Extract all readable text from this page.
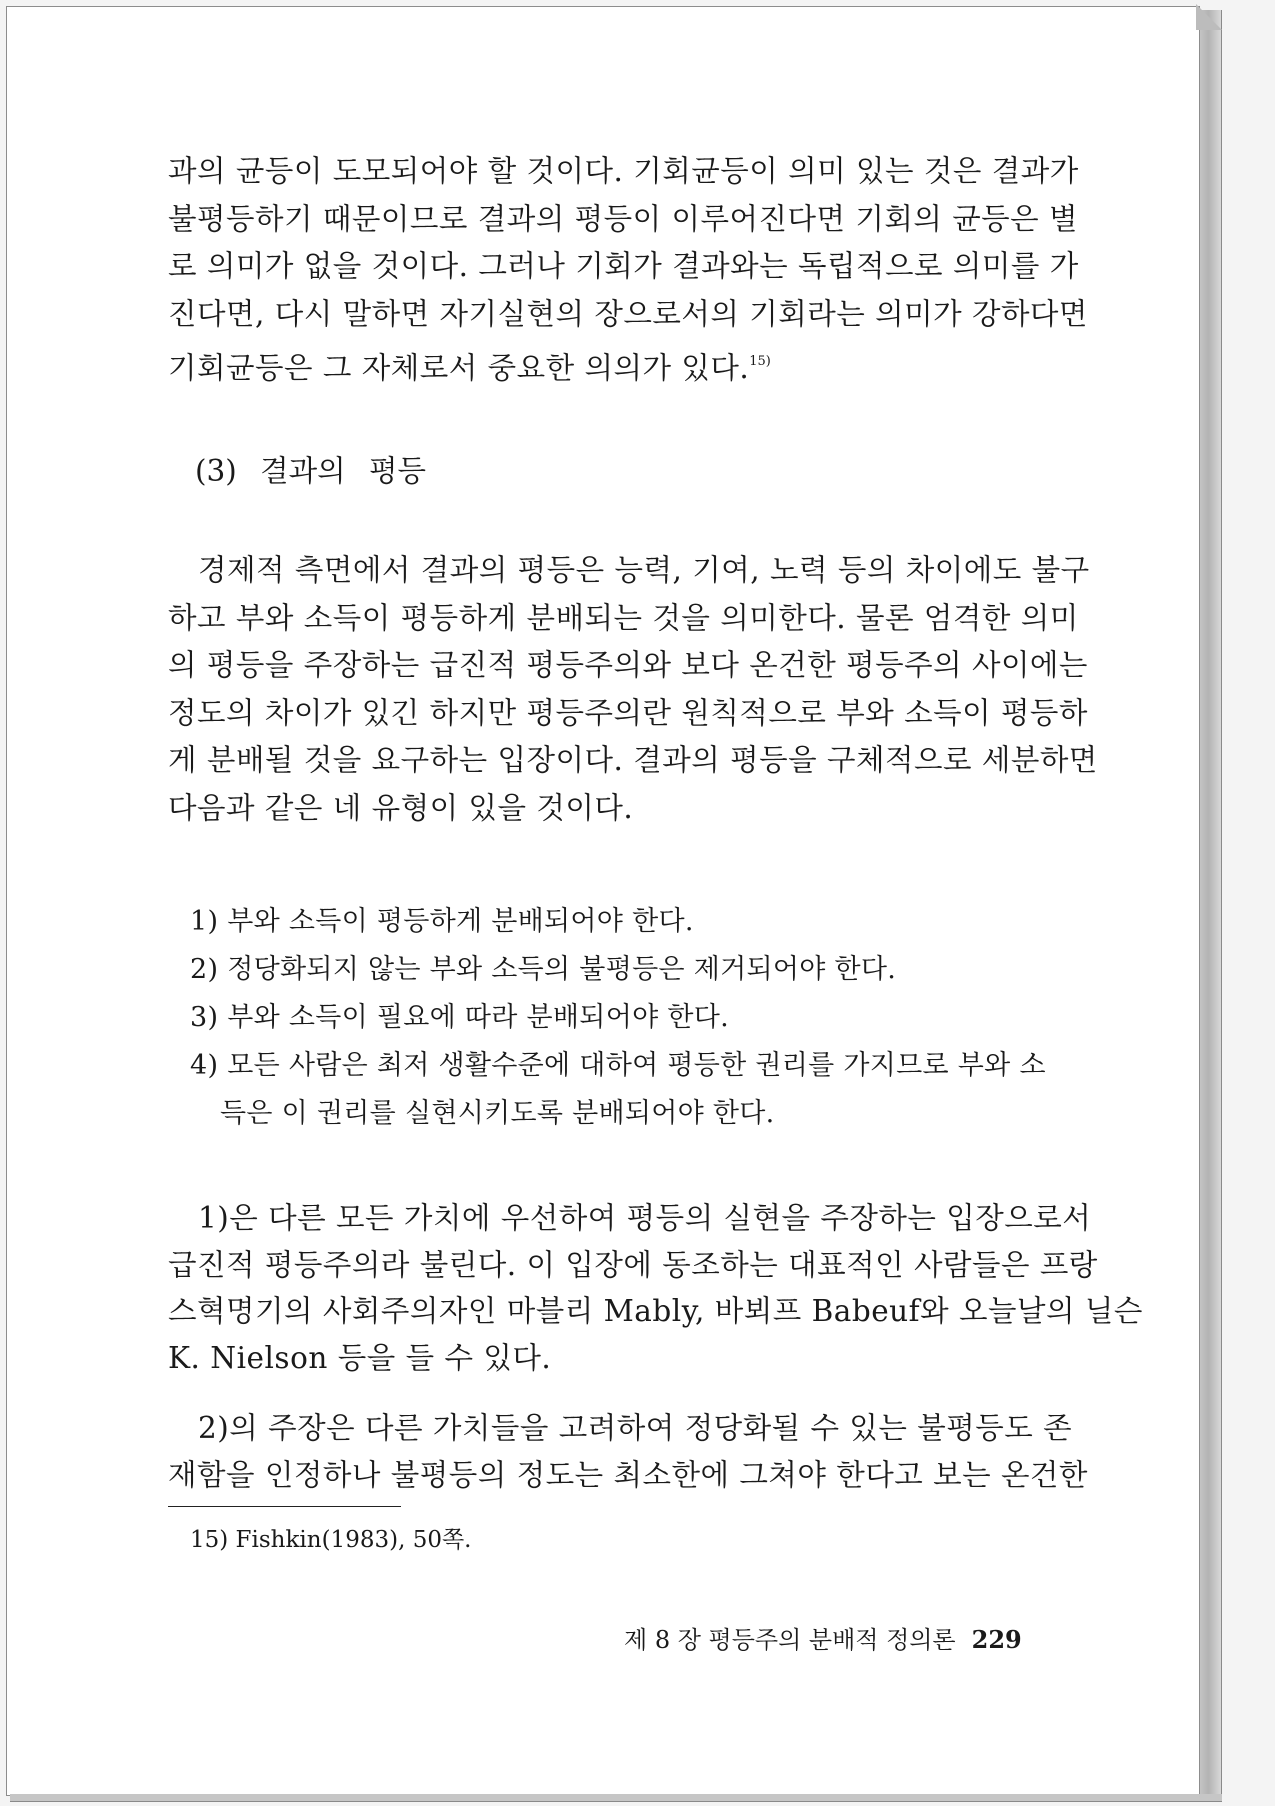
과의 균등이 도모되어야 할 것이다. 기회균등이 의미 있는 것은 결과가
불평등하기 때문이므로 결과의 평등이 이루어진다면 기회의 균등은 별
로 의미가 없을 것이다. 그러나 기회가 결과와는 독립적으로 의미를 가
진다면, 다시 말하면 자기실현의 장으로서의 기회라는 의미가 강하다면
기회균등은 그 자체로서 중요한 의의가 있다.$^{15)}$
(3) 결과의 평등
경제적 측면에서 결과의 평등은 능력, 기여, 노력 등의 차이에도 불구
하고 부와 소득이 평등하게 분배되는 것을 의미한다. 물론 엄격한 의미
의 평등을 주장하는 급진적 평등주의와 보다 온건한 평등주의 사이에는
정도의 차이가 있긴 하지만 평등주의란 원칙적으로 부와 소득이 평등하
게 분배될 것을 요구하는 입장이다. 결과의 평등을 구체적으로 세분하면
다음과 같은 네 유형이 있을 것이다.
1) 부와 소득이 평등하게 분배되어야 한다.
2) 정당화되지 않는 부와 소득의 불평등은 제거되어야 한다.
3) 부와 소득이 필요에 따라 분배되어야 한다.
4) 모든 사람은 최저 생활수준에 대하여 평등한 권리를 가지므로 부와 소
득은 이 권리를 실현시키도록 분배되어야 한다.
1)은 다른 모든 가치에 우선하여 평등의 실현을 주장하는 입장으로서
급진적 평등주의라 불린다. 이 입장에 동조하는 대표적인 사람들은 프랑
스혁명기의 사회주의자인 마블리 Mably, 바뵈프 Babeuf와 오늘날의 닐슨
K. Nielson 등을 들 수 있다.
2)의 주장은 다른 가치들을 고려하여 정당화될 수 있는 불평등도 존
재함을 인정하나 불평등의 정도는 최소한에 그쳐야 한다고 보는 온건한
15) Fishkin(1983), 50쪽.
제 8 장 평등주의 분배적 정의론 229
